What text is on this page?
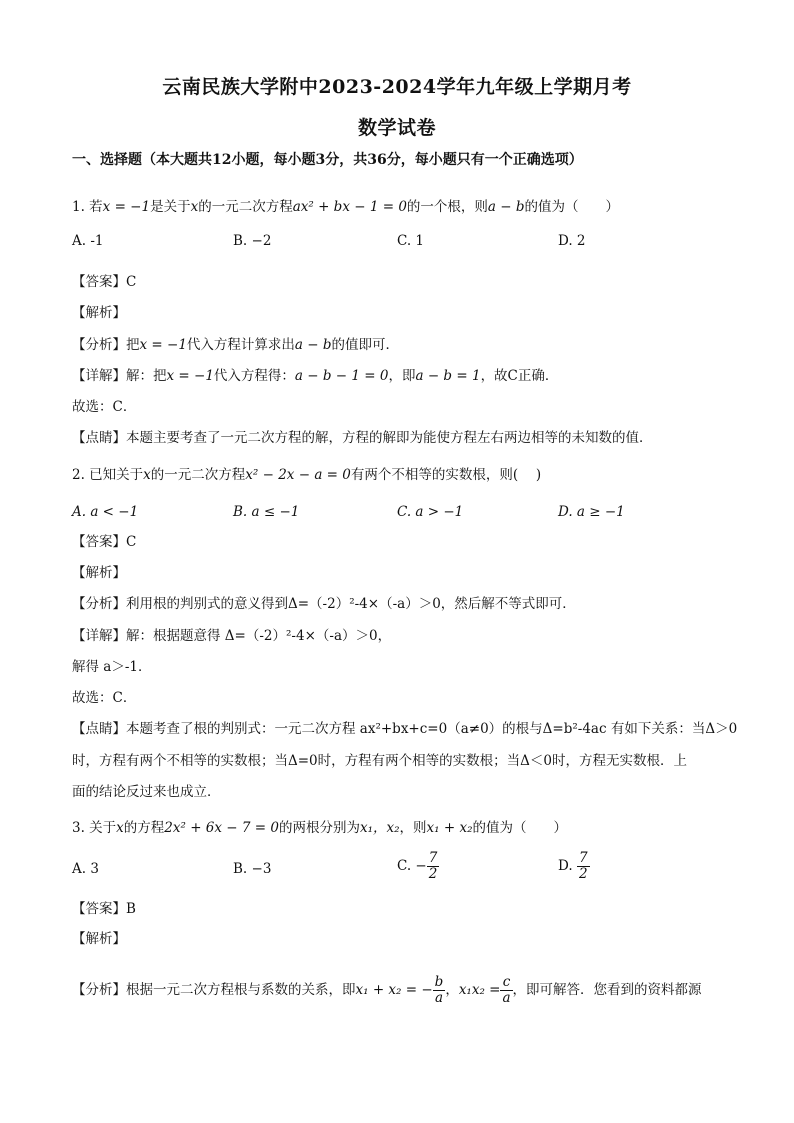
云南民族大学附中2023-2024学年九年级上学期月考
数学试卷
一、选择题（本大题共12小题，每小题3分，共36分，每小题只有一个正确选项）
1. 若x = −1是关于x的一元二次方程ax² + bx − 1 = 0的一个根，则a − b的值为（　　）
A. -1	B. −2	C. 1	D. 2
【答案】C
【解析】
【分析】把x = −1代入方程计算求出a − b的值即可．
【详解】解：把x = −1代入方程得：a − b − 1 = 0，即a − b = 1，故C正确．
故选：C．
【点睛】本题主要考查了一元二次方程的解，方程的解即为能使方程左右两边相等的未知数的值．
2. 已知关于x的一元二次方程x² − 2x − a = 0有两个不相等的实数根，则(　 )
A. a < −1	B. a ≤ −1	C. a > −1	D. a ≥ −1
【答案】C
【解析】
【分析】利用根的判别式的意义得到Δ=（-2）²-4×（-a）＞0，然后解不等式即可．
【详解】解：根据题意得 Δ=（-2）²-4×（-a）＞0，
解得 a＞-1．
故选：C．
【点睛】本题考查了根的判别式：一元二次方程 ax²+bx+c=0（a≠0）的根与Δ=b²-4ac 有如下关系：当Δ＞0
时，方程有两个不相等的实数根；当Δ=0时，方程有两个相等的实数根；当Δ＜0时，方程无实数根．上
面的结论反过来也成立．
3. 关于x的方程2x² + 6x − 7 = 0的两根分别为x₁，x₂，则x₁ + x₂的值为（　　）
A. 3	B. −3	C. − $\frac{7}{2}$	D. $\frac{7}{2}$
【答案】B
【解析】
【分析】根据一元二次方程根与系数的关系，即x₁ + x₂ = − $\frac{b}{a}$ ，$x_1x_2 = \frac{c}{a}$ ，即可解答．您看到的资料都源
